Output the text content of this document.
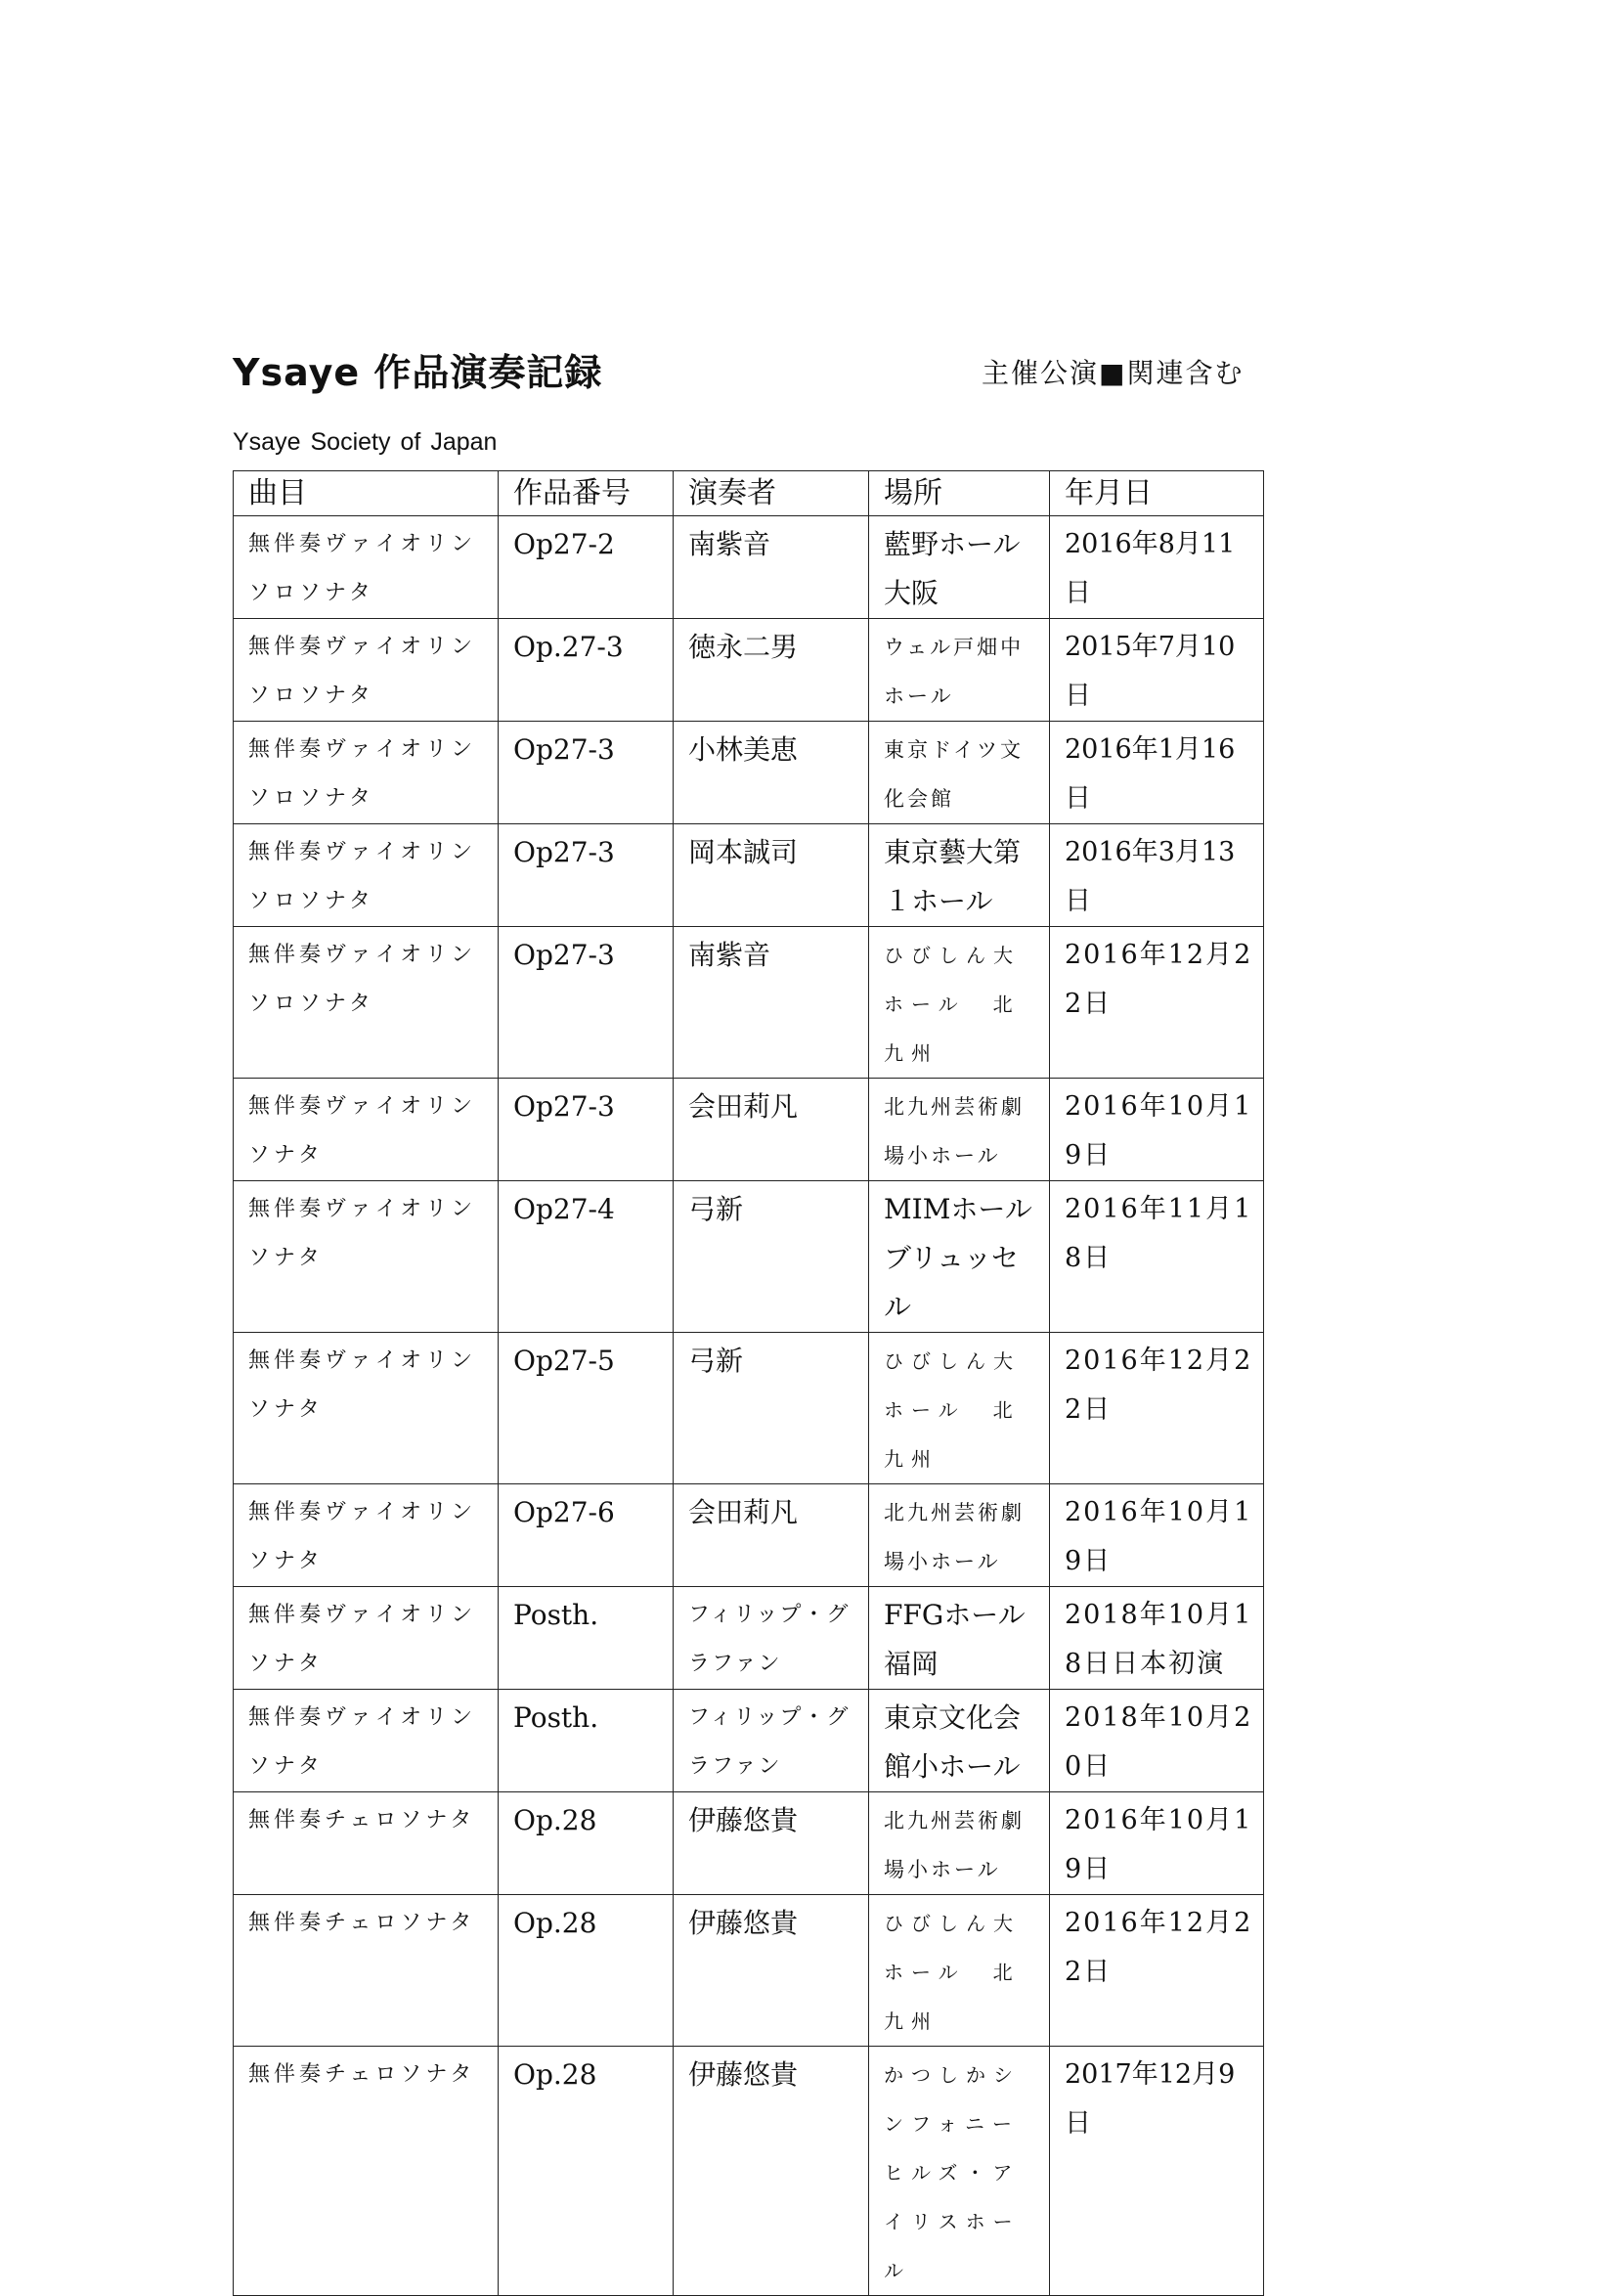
Ysaye 作品演奏記録	主催公演■関連含む
Ysaye Society of Japan
曲目	作品番号	演奏者	場所	年月日
無伴奏ヴァイオリンソロソナタ	Op27-2	南紫音	藍野ホール大阪	2016年8月11日
無伴奏ヴァイオリンソロソナタ	Op.27-3	徳永二男	ウェル戸畑中ホール	2015年7月10日
無伴奏ヴァイオリンソロソナタ	Op27-3	小林美恵	東京ドイツ文化会館	2016年1月16日
無伴奏ヴァイオリンソロソナタ	Op27-3	岡本誠司	東京藝大第１ホール	2016年3月13日
無伴奏ヴァイオリンソロソナタ	Op27-3	南紫音	ひびしん大ホール　北九州	2016年12月22日
無伴奏ヴァイオリンソナタ	Op27-3	会田莉凡	北九州芸術劇場小ホール	2016年10月19日
無伴奏ヴァイオリンソナタ	Op27-4	弓新	MIMホールブリュッセル	2016年11月18日
無伴奏ヴァイオリンソナタ	Op27-5	弓新	ひびしん大ホール　北九州	2016年12月22日
無伴奏ヴァイオリンソナタ	Op27-6	会田莉凡	北九州芸術劇場小ホール	2016年10月19日
無伴奏ヴァイオリンソナタ	Posth.	フィリップ・グラファン	FFGホール福岡	2018年10月18日日本初演
無伴奏ヴァイオリンソナタ	Posth.	フィリップ・グラファン	東京文化会館小ホール	2018年10月20日
無伴奏チェロソナタ	Op.28	伊藤悠貴	北九州芸術劇場小ホール	2016年10月19日
無伴奏チェロソナタ	Op.28	伊藤悠貴	ひびしん大ホール　北九州	2016年12月22日
無伴奏チェロソナタ	Op.28	伊藤悠貴	かつしかシンフォニーヒルズ・アイリスホール	2017年12月9日
